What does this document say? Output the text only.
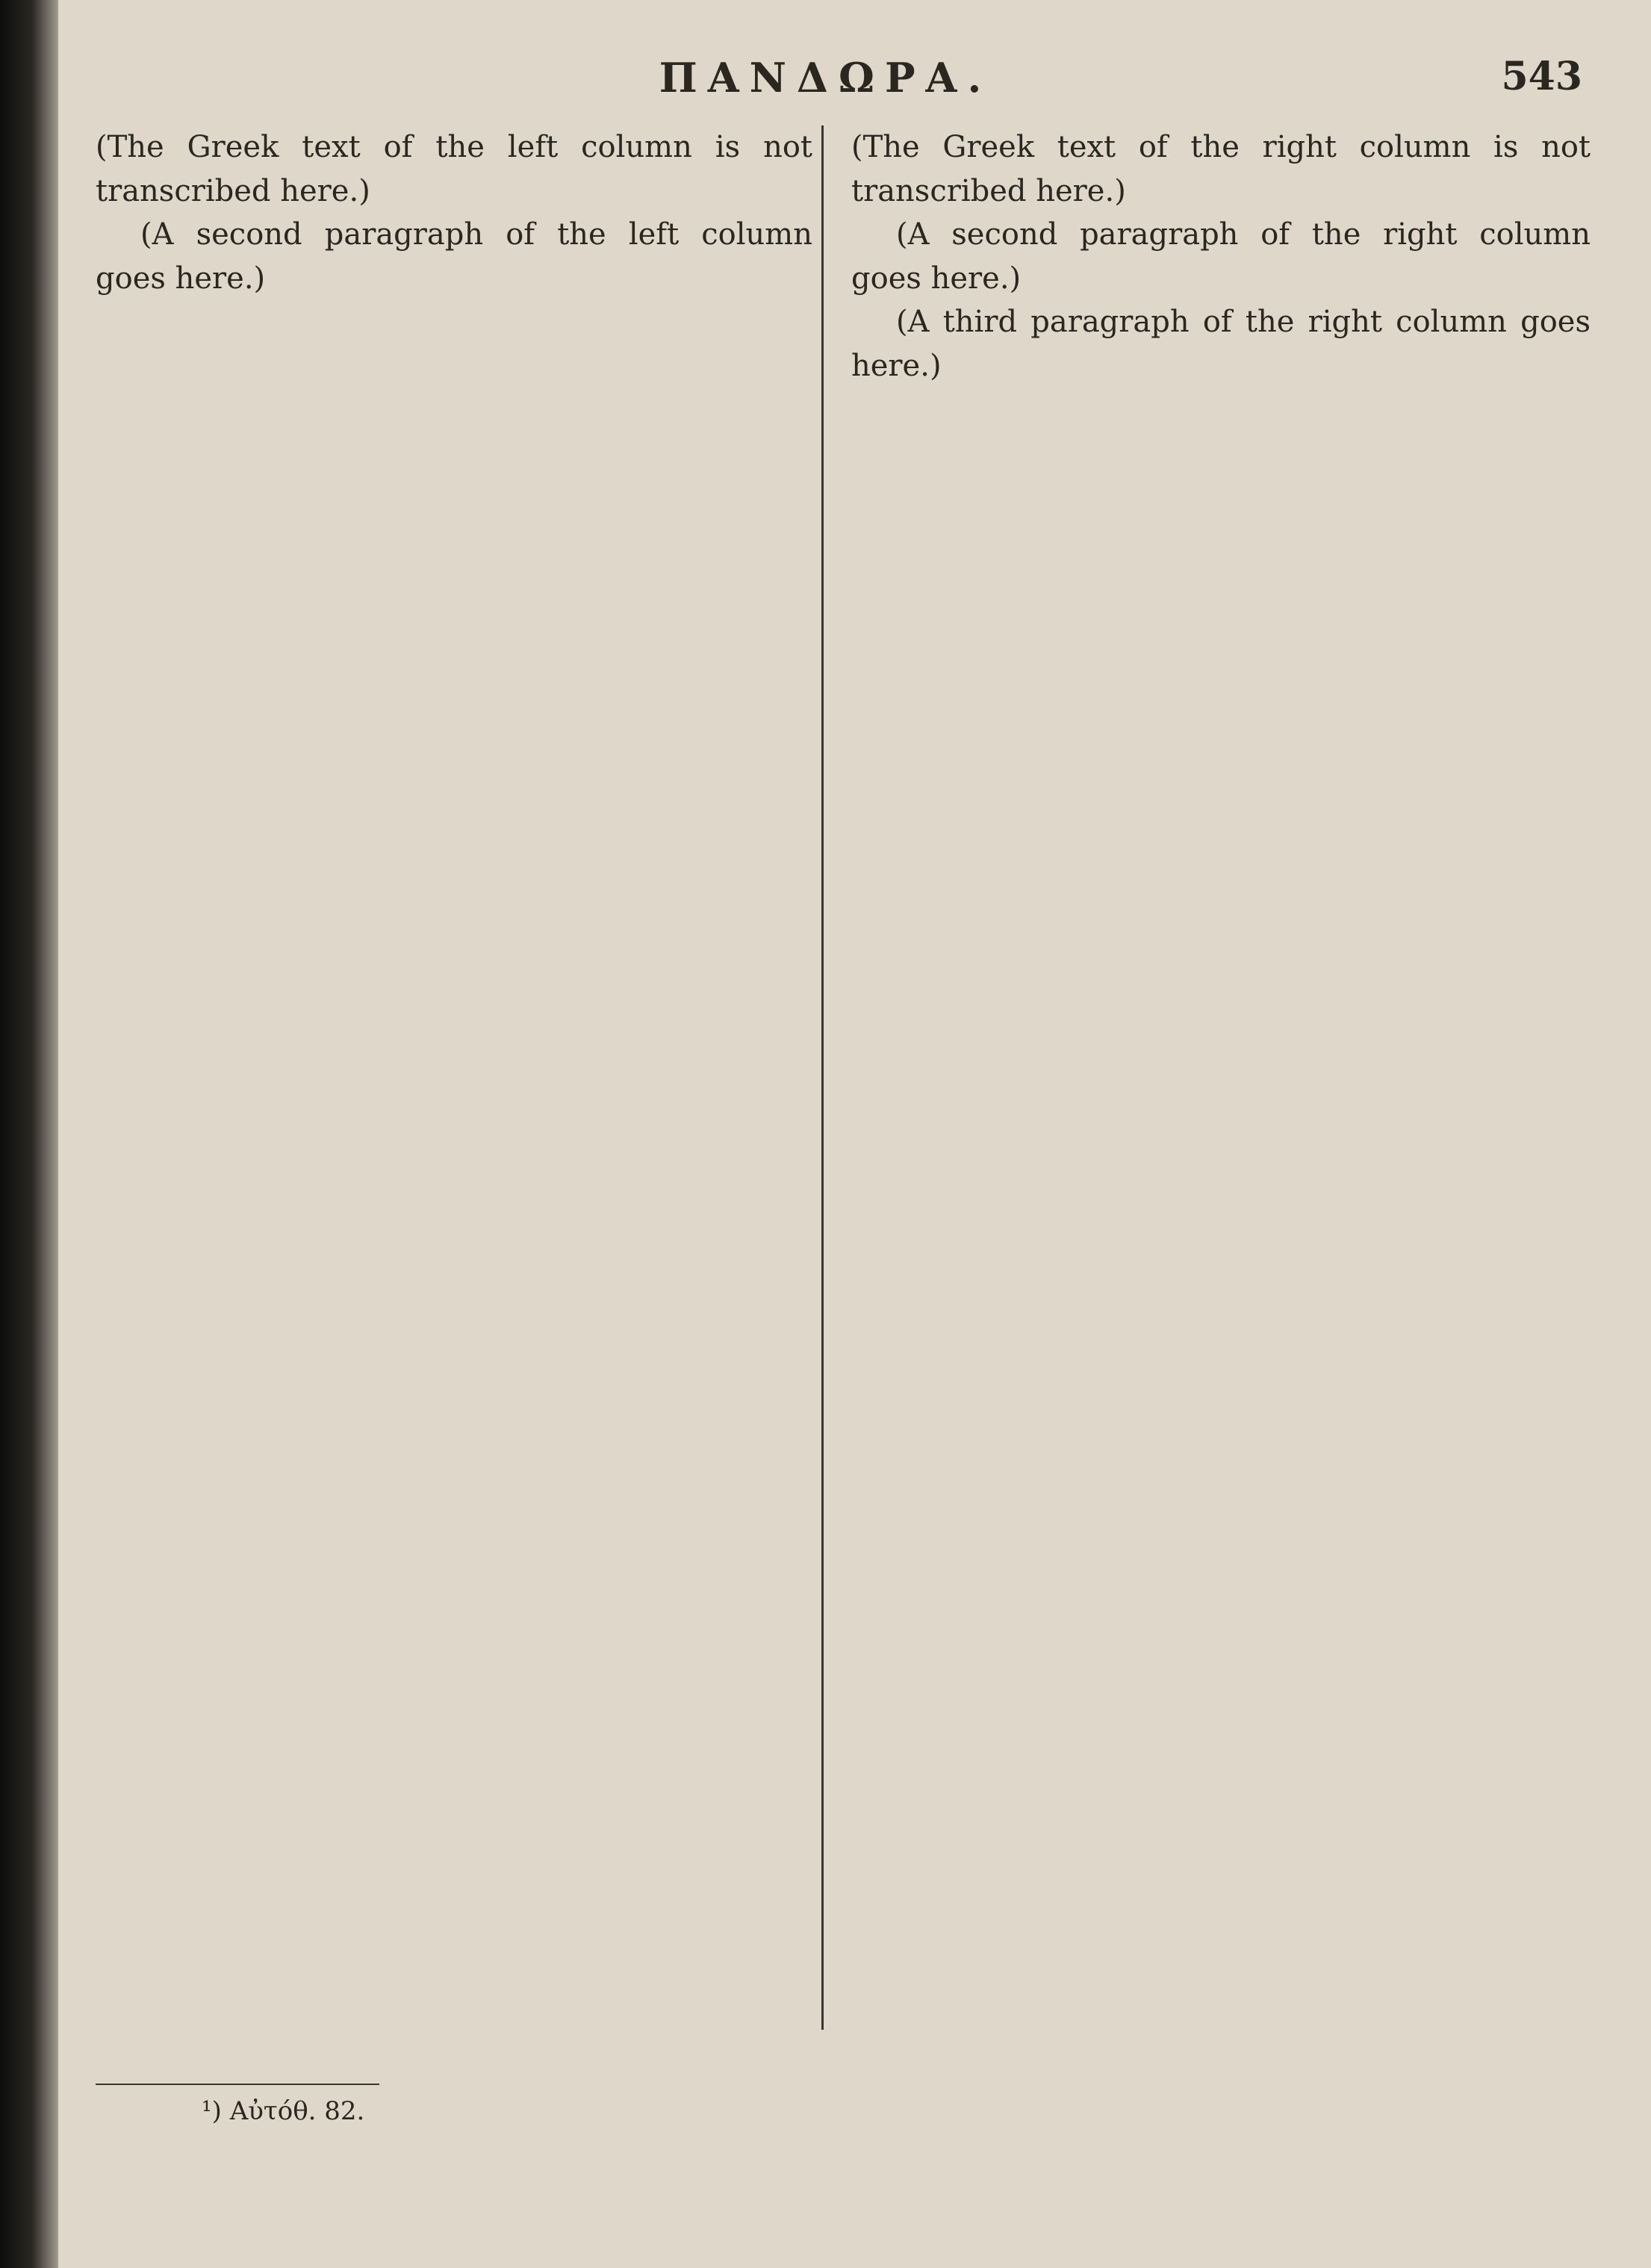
ΠΑΝΔΩΡΑ.	543

(The Greek text of the left column is not transcribed here.)

(A second paragraph of the left column goes here.)

(The Greek text of the right column is not transcribed here.)

(A second paragraph of the right column goes here.)

(A third paragraph of the right column goes here.)

¹) Αὐτόθ. 82.
